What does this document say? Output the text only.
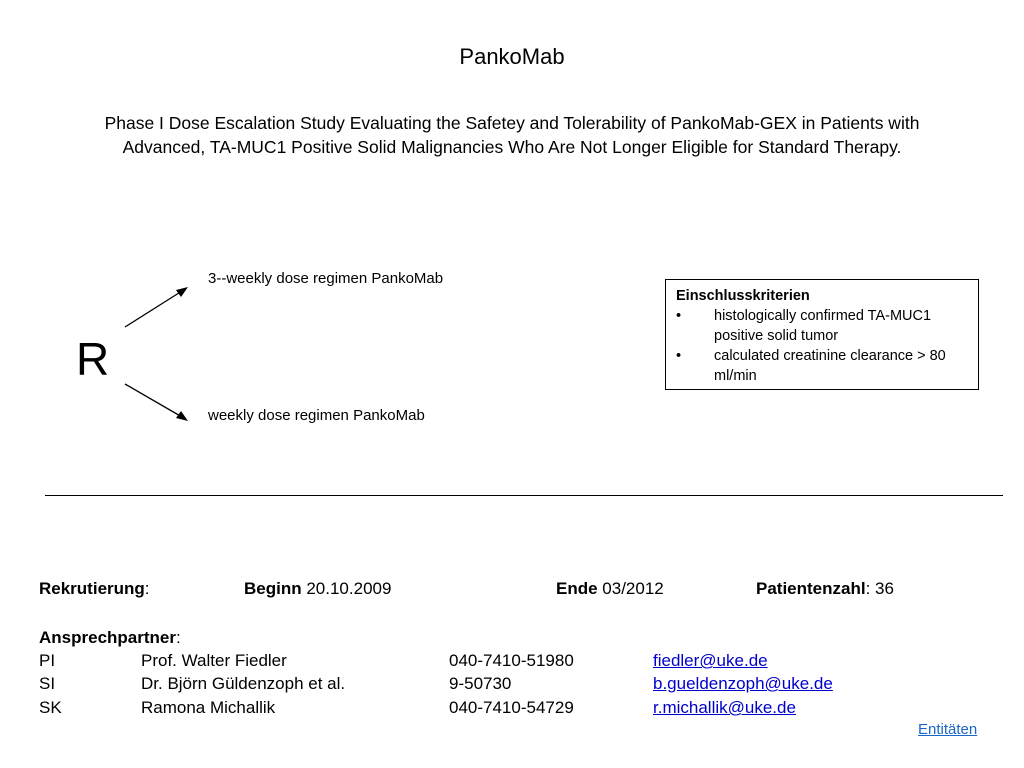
PankoMab
Phase I Dose Escalation Study Evaluating the Safetey and Tolerability of PankoMab-GEX in Patients with Advanced, TA-MUC1 Positive Solid Malignancies Who Are Not Longer Eligible for Standard Therapy.
R
3--weekly dose regimen PankoMab
weekly dose regimen PankoMab
Einschlusskriterien
• histologically confirmed TA-MUC1 positive solid tumor
• calculated creatinine clearance > 80 ml/min
Rekrutierung:	Beginn 20.10.2009	Ende 03/2012	Patientenzahl: 36
Ansprechpartner:
PI	Prof. Walter Fiedler	040-7410-51980	fiedler@uke.de
SI	Dr. Björn Güldenzoph et al.	9-50730	b.gueldenzoph@uke.de
SK	Ramona Michallik	040-7410-54729	r.michallik@uke.de
Entitäten
